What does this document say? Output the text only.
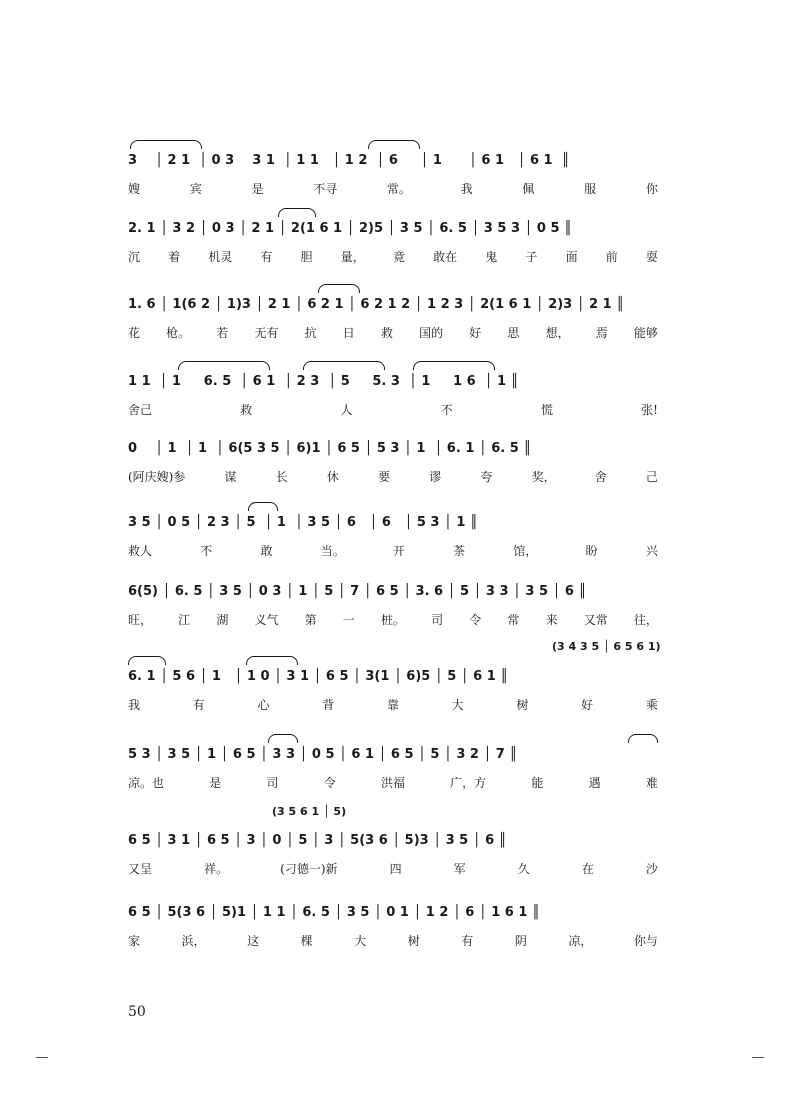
3    │ 2 1  │ 0 3    3 1  │ 1 1   │ 1 2  │ 6     │ 1      │ 6 1   │ 6 1  ║
嫂	宾	是	不寻	常。	我	佩	服	你
2. 1 │ 3 2 │ 0 3 │ 2 1 │ 2(1 6 1 │ 2)5 │ 3 5 │ 6. 5 │ 3 5 3 │ 0 5 ║
沉 着 机灵 有 胆 量， 竟 敢在 鬼 子 面 前 耍
1. 6 │ 1(6 2 │ 1)3 │ 2 1 │ 6 2 1 │ 6 2 1 2 │ 1 2 3 │ 2(1 6 1 │ 2)3 │ 2 1 ║
花 枪。 若 无有 抗 日 救 国的 好 思 想， 焉 能够
1 1  │ 1     6. 5  │ 6 1  │ 2 3  │ 5     5. 3  │ 1     1 6  │ 1 ║
舍己	救	人	不	慌	张!
0    │ 1  │ 1  │ 6(5 3 5 │ 6)1 │ 6 5 │ 5 3 │ 1  │ 6. 1 │ 6. 5 ║
(阿庆嫂)参	谋	长	休	要	谬	夸	奖，	舍	己
3 5 │ 0 5 │ 2 3 │ 5  │ 1  │ 3 5 │ 6   │ 6   │ 5 3 │ 1 ║
救人	不	敢	当。	开	茶	馆，	盼	兴
6(5) │ 6. 5 │ 3 5 │ 0 3 │ 1 │ 5 │ 7 │ 6 5 │ 3. 6 │ 5 │ 3 3 │ 3 5 │ 6 ║
旺， 江 湖 义气 第 一 桩。 司 令 常 来 又常 往，
(3 4 3 5 │ 6 5 6 1)
6. 1 │ 5 6 │ 1   │ 1 0 │ 3 1 │ 6 5 │ 3(1 │ 6)5 │ 5 │ 6 1 ║
我	有	心	背	靠	大	树	好	乘
5 3 │ 3 5 │ 1 │ 6 5 │ 3 3 │ 0 5 │ 6 1 │ 6 5 │ 5 │ 3 2 │ 7 ║
凉。也	是	司	令	洪福	广，方	能	遇	难
(3 5 6 1 │ 5)
6 5 │ 3 1 │ 6 5 │ 3 │ 0 │ 5 │ 3 │ 5(3 6 │ 5)3 │ 3 5 │ 6 ║
又呈	祥。	(刁德一)新	四	军	久	在	沙
6 5 │ 5(3 6 │ 5)1 │ 1 1 │ 6. 5 │ 3 5 │ 0 1 │ 1 2 │ 6 │ 1 6 1 ║
家	浜，	这	棵	大	树	有	阴	凉，	你与
50
